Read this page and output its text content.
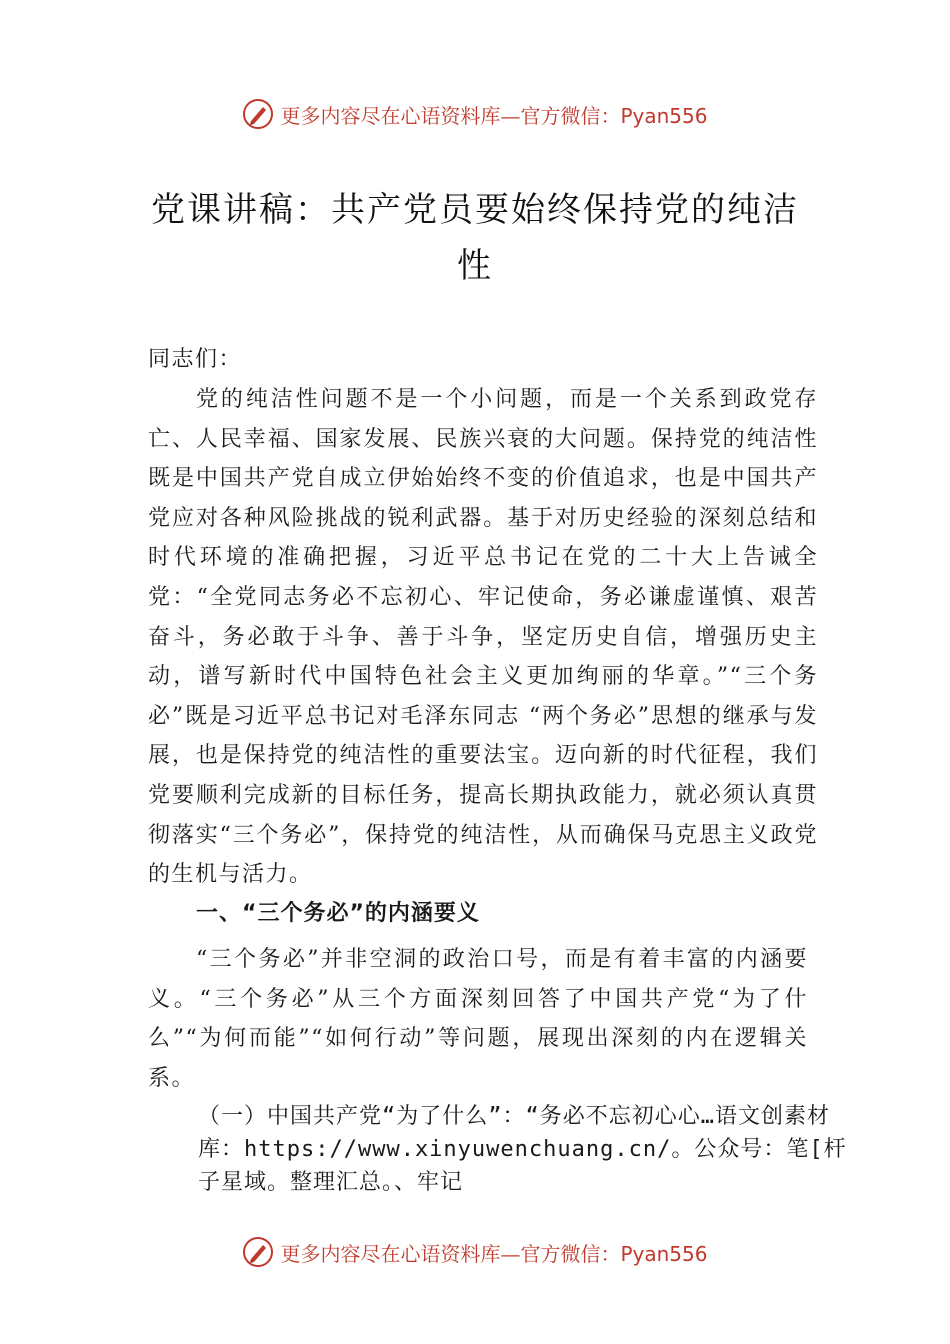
更多内容尽在心语资料库—官方微信：Pyan556
党课讲稿：共产党员要始终保持党的纯洁性

同志们：

党的纯洁性问题不是一个小问题，而是一个关系到政党存亡、人民幸福、国家发展、民族兴衰的大问题。保持党的纯洁性既是中国共产党自成立伊始始终不变的价值追求，也是中国共产党应对各种风险挑战的锐利武器。基于对历史经验的深刻总结和时代环境的准确把握，习近平总书记在党的二十大上告诫全党：“全党同志务必不忘初心、牢记使命，务必谦虚谨慎、艰苦奋斗，务必敢于斗争、善于斗争，坚定历史自信，增强历史主动，谱写新时代中国特色社会主义更加绚丽的华章。”“三个务必”既是习近平总书记对毛泽东同志 “两个务必”思想的继承与发展，也是保持党的纯洁性的重要法宝。迈向新的时代征程，我们党要顺利完成新的目标任务，提高长期执政能力，就必须认真贯彻落实“三个务必”，保持党的纯洁性，从而确保马克思主义政党的生机与活力。

一、“三个务必”的内涵要义

“三个务必”并非空洞的政治口号，而是有着丰富的内涵要义。“三个务必”从三个方面深刻回答了中国共产党“为了什么”“为何而能”“如何行动”等问题，展现出深刻的内在逻辑关系。

（一）中国共产党“为了什么”：“务必不忘初心心…语文创素材库：https://www.xinyuwenchuang.cn/。公众号：笔[杆子星域。整理汇总。、牢记

更多内容尽在心语资料库—官方微信：Pyan556
